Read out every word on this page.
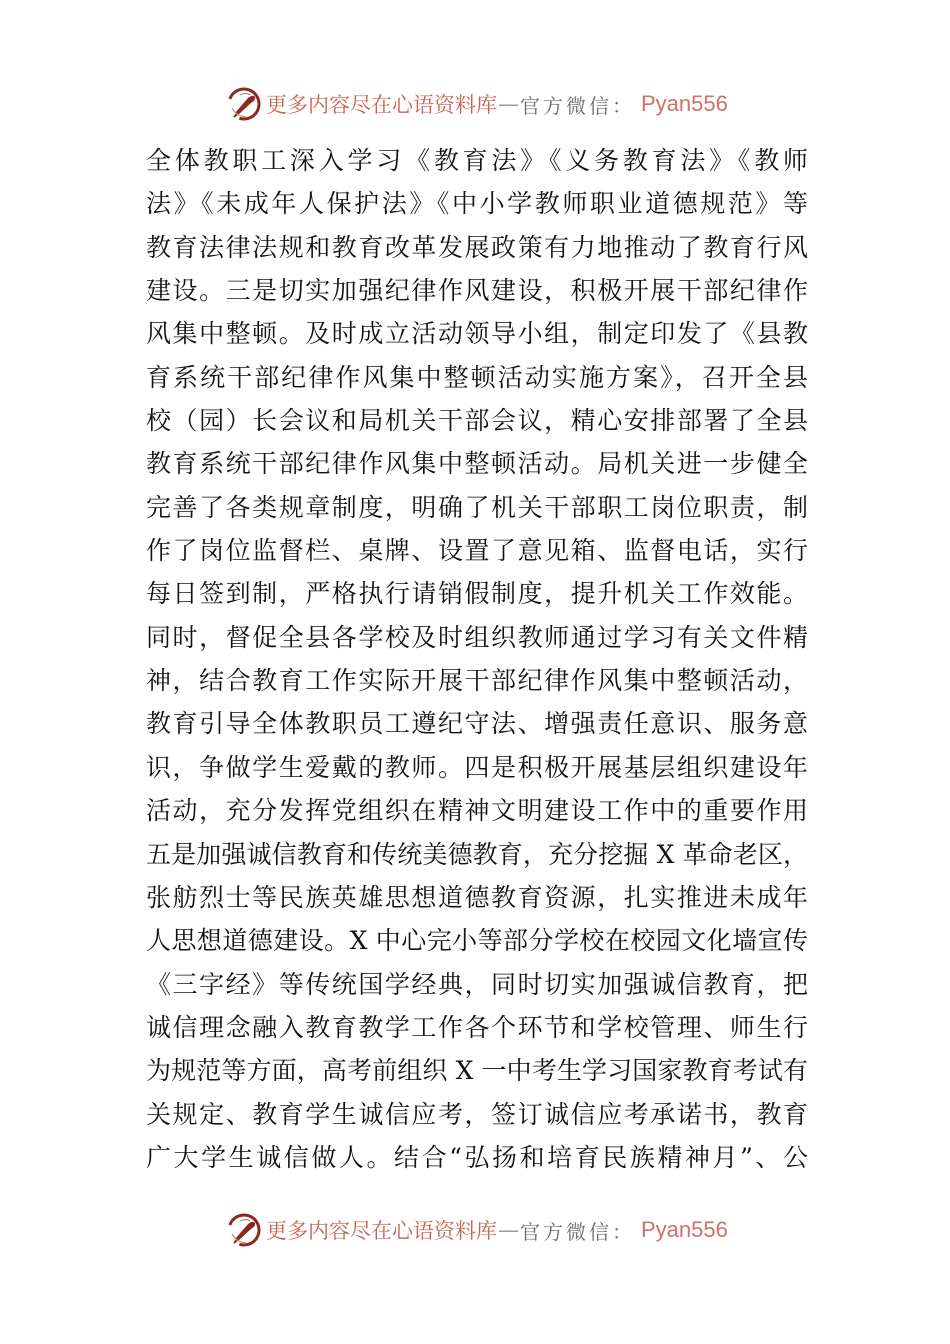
更多内容尽在心语资料库 — 官方微信： Pyan556
全体教职工深入学习《教育法》《义务教育法》《教师
法》《未成年人保护法》《中小学教师职业道德规范》等
教育法律法规和教育改革发展政策有力地推动了教育行风
建设。三是切实加强纪律作风建设，积极开展干部纪律作
风集中整顿。及时成立活动领导小组，制定印发了《县教
育系统干部纪律作风集中整顿活动实施方案》，召开全县
校（园）长会议和局机关干部会议，精心安排部署了全县
教育系统干部纪律作风集中整顿活动。局机关进一步健全
完善了各类规章制度，明确了机关干部职工岗位职责，制
作了岗位监督栏、桌牌、设置了意见箱、监督电话，实行
每日签到制，严格执行请销假制度，提升机关工作效能。
同时，督促全县各学校及时组织教师通过学习有关文件精
神，结合教育工作实际开展干部纪律作风集中整顿活动，
教育引导全体教职员工遵纪守法、增强责任意识、服务意
识，争做学生爱戴的教师。四是积极开展基层组织建设年
活动，充分发挥党组织在精神文明建设工作中的重要作用
五是加强诚信教育和传统美德教育，充分挖掘 X 革命老区，
张舫烈士等民族英雄思想道德教育资源，扎实推进未成年
人思想道德建设。X 中心完小等部分学校在校园文化墙宣传
《三字经》等传统国学经典，同时切实加强诚信教育，把
诚信理念融入教育教学工作各个环节和学校管理、师生行
为规范等方面，高考前组织 X 一中考生学习国家教育考试有
关规定、教育学生诚信应考，签订诚信应考承诺书，教育
广大学生诚信做人。结合“弘扬和培育民族精神月”、公
更多内容尽在心语资料库 — 官方微信： Pyan556
